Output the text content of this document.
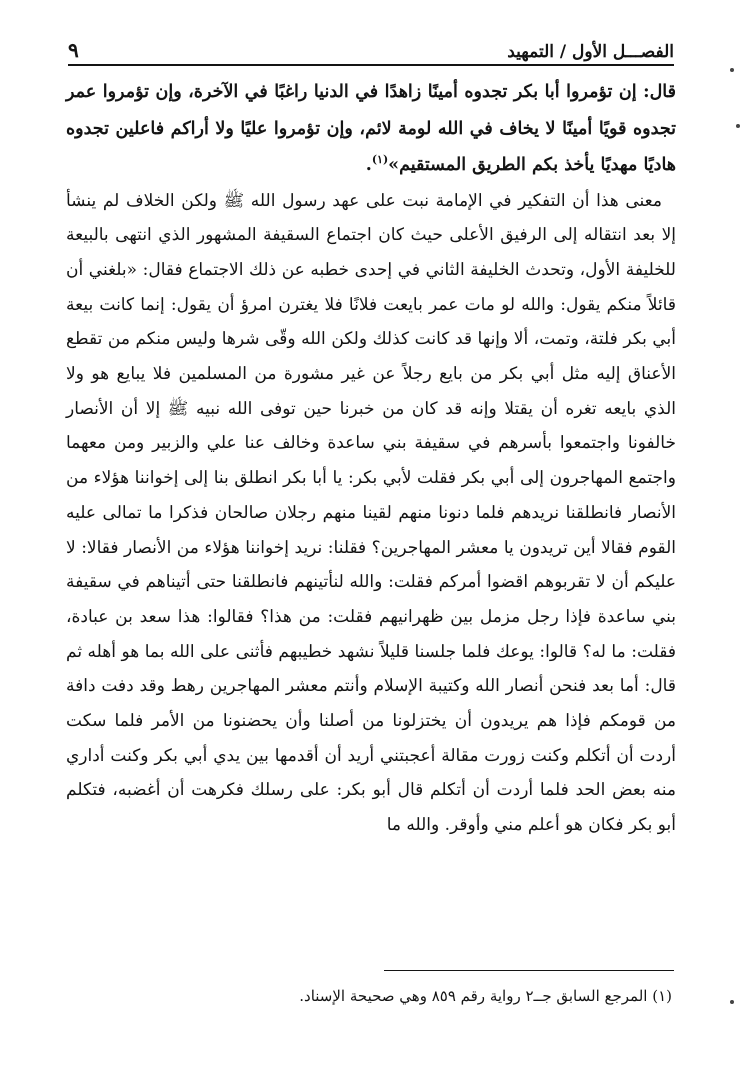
الفصـــل الأول / التمهيد
٩

قال: إن تؤمروا أبا بكر تجدوه أمينًا زاهدًا في الدنيا راغبًا في الآخرة، وإن تؤمروا عمر تجدوه قويًا أمينًا لا يخاف في الله لومة لائم، وإن تؤمروا عليًا ولا أراكم فاعلين تجدوه هاديًا مهديًا يأخذ بكم الطريق المستقيم»$^{(١)}$.

معنى هذا أن التفكير في الإمامة نبت على عهد رسول الله ﷺ ولكن الخلاف لم ينشأ إلا بعد انتقاله إلى الرفيق الأعلى حيث كان اجتماع السقيفة المشهور الذي انتهى بالبيعة للخليفة الأول، وتحدث الخليفة الثاني في إحدى خطبه عن ذلك الاجتماع فقال: «بلغني أن قائلاً منكم يقول: والله لو مات عمر بايعت فلانًا فلا يغترن امرؤ أن يقول: إنما كانت بيعة أبي بكر فلتة، وتمت، ألا وإنها قد كانت كذلك ولكن الله وقّى شرها وليس منكم من تقطع الأعناق إليه مثل أبي بكر من بايع رجلاً عن غير مشورة من المسلمين فلا يبايع هو ولا الذي بايعه تغره أن يقتلا وإنه قد كان من خبرنا حين توفى الله نبيه ﷺ إلا أن الأنصار خالفونا واجتمعوا بأسرهم في سقيفة بني ساعدة وخالف عنا علي والزبير ومن معهما واجتمع المهاجرون إلى أبي بكر فقلت لأبي بكر: يا أبا بكر انطلق بنا إلى إخواننا هؤلاء من الأنصار فانطلقنا نريدهم فلما دنونا منهم لقينا منهم رجلان صالحان فذكرا ما تمالى عليه القوم فقالا أين تريدون يا معشر المهاجرين؟ فقلنا: نريد إخواننا هؤلاء من الأنصار فقالا: لا عليكم أن لا تقربوهم اقضوا أمركم فقلت: والله لنأتينهم فانطلقنا حتى أتيناهم في سقيفة بني ساعدة فإذا رجل مزمل بين ظهرانيهم فقلت: من هذا؟ فقالوا: هذا سعد بن عبادة، فقلت: ما له؟ قالوا: يوعك فلما جلسنا قليلاً نشهد خطيبهم فأثنى على الله بما هو أهله ثم قال: أما بعد فنحن أنصار الله وكتيبة الإسلام وأنتم معشر المهاجرين رهط وقد دفت دافة من قومكم فإذا هم يريدون أن يختزلونا من أصلنا وأن يحضنونا من الأمر فلما سكت أردت أن أتكلم وكنت زورت مقالة أعجبتني أريد أن أقدمها بين يدي أبي بكر وكنت أداري منه بعض الحد فلما أردت أن أتكلم قال أبو بكر: على رسلك فكرهت أن أغضبه، فتكلم أبو بكر فكان هو أعلم مني وأوقر. والله ما

(١) المرجع السابق جــ٢ رواية رقم ٨٥٩ وهي صحيحة الإسناد.
